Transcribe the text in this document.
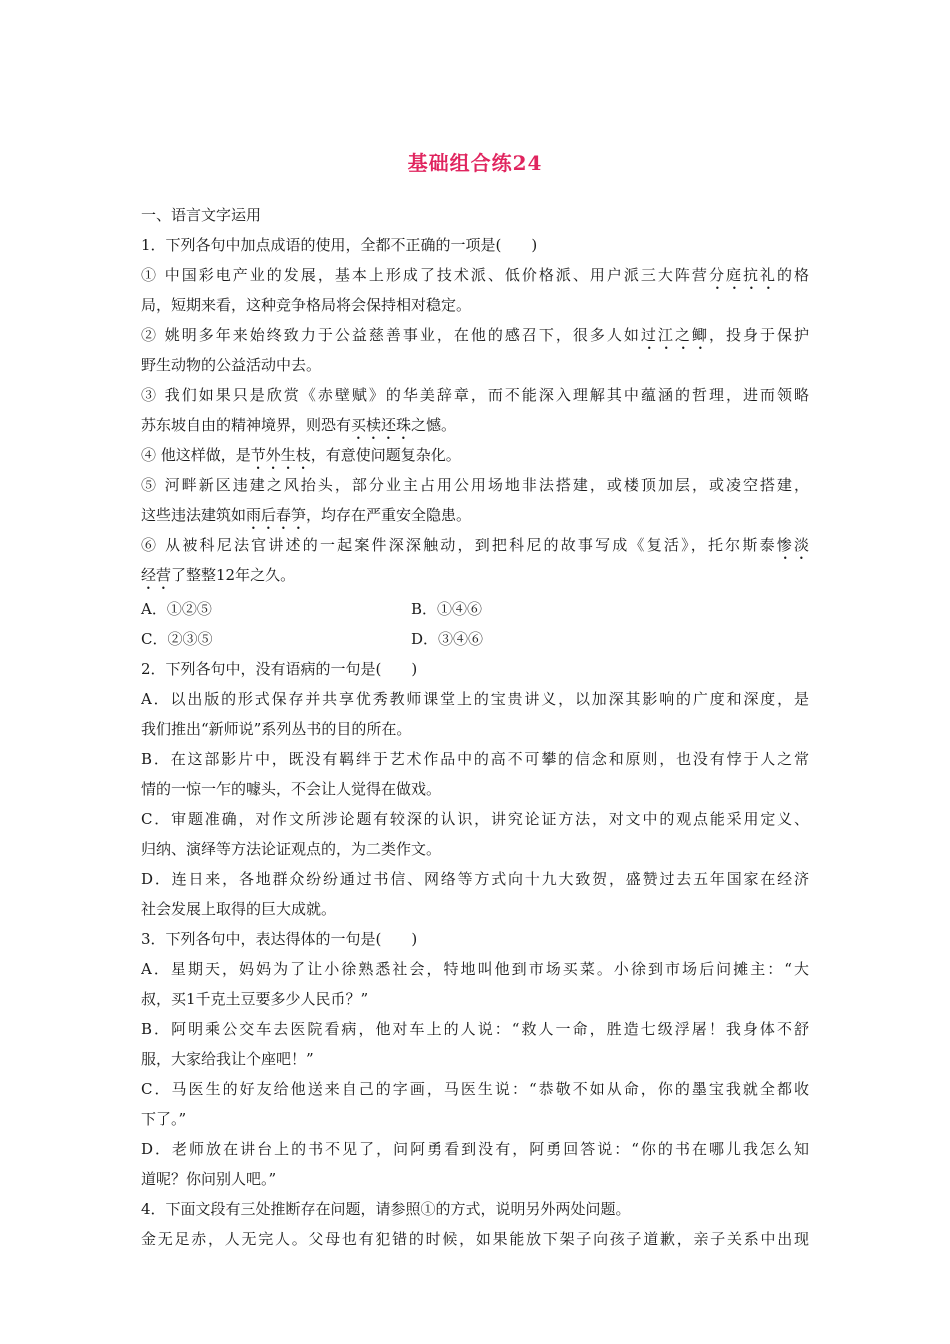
基础组合练24
一、语言文字运用
1．下列各句中加点成语的使用，全都不正确的一项是(　　)
① 中国彩电产业的发展，基本上形成了技术派、低价格派、用户派三大阵营分庭抗礼的格
局，短期来看，这种竞争格局将会保持相对稳定。
② 姚明多年来始终致力于公益慈善事业，在他的感召下，很多人如过江之鲫，投身于保护
野生动物的公益活动中去。
③ 我们如果只是欣赏《赤壁赋》的华美辞章，而不能深入理解其中蕴涵的哲理，进而领略
苏东坡自由的精神境界，则恐有买椟还珠之憾。
④ 他这样做，是节外生枝，有意使问题复杂化。
⑤ 河畔新区违建之风抬头，部分业主占用公用场地非法搭建，或楼顶加层，或凌空搭建，
这些违法建筑如雨后春笋，均存在严重安全隐患。
⑥ 从被科尼法官讲述的一起案件深深触动，到把科尼的故事写成《复活》，托尔斯泰惨淡
经营了整整12年之久。
A．①②⑤	B．①④⑥
C．②③⑤	D．③④⑥
2．下列各句中，没有语病的一句是(　　)
A．以出版的形式保存并共享优秀教师课堂上的宝贵讲义，以加深其影响的广度和深度，是
我们推出“新师说”系列丛书的目的所在。
B．在这部影片中，既没有羁绊于艺术作品中的高不可攀的信念和原则，也没有悖于人之常
情的一惊一乍的噱头，不会让人觉得在做戏。
C．审题准确，对作文所涉论题有较深的认识，讲究论证方法，对文中的观点能采用定义、
归纳、演绎等方法论证观点的，为二类作文。
D．连日来，各地群众纷纷通过书信、网络等方式向十九大致贺，盛赞过去五年国家在经济
社会发展上取得的巨大成就。
3．下列各句中，表达得体的一句是(　　)
A．星期天，妈妈为了让小徐熟悉社会，特地叫他到市场买菜。小徐到市场后问摊主：“大
叔，买1千克土豆要多少人民币？”
B．阿明乘公交车去医院看病，他对车上的人说：“救人一命，胜造七级浮屠！我身体不舒
服，大家给我让个座吧！”
C．马医生的好友给他送来自己的字画，马医生说：“恭敬不如从命，你的墨宝我就全都收
下了。”
D．老师放在讲台上的书不见了，问阿勇看到没有，阿勇回答说：“你的书在哪儿我怎么知
道呢？你问别人吧。”
4．下面文段有三处推断存在问题，请参照①的方式，说明另外两处问题。
金无足赤，人无完人。父母也有犯错的时候，如果能放下架子向孩子道歉，亲子关系中出现
